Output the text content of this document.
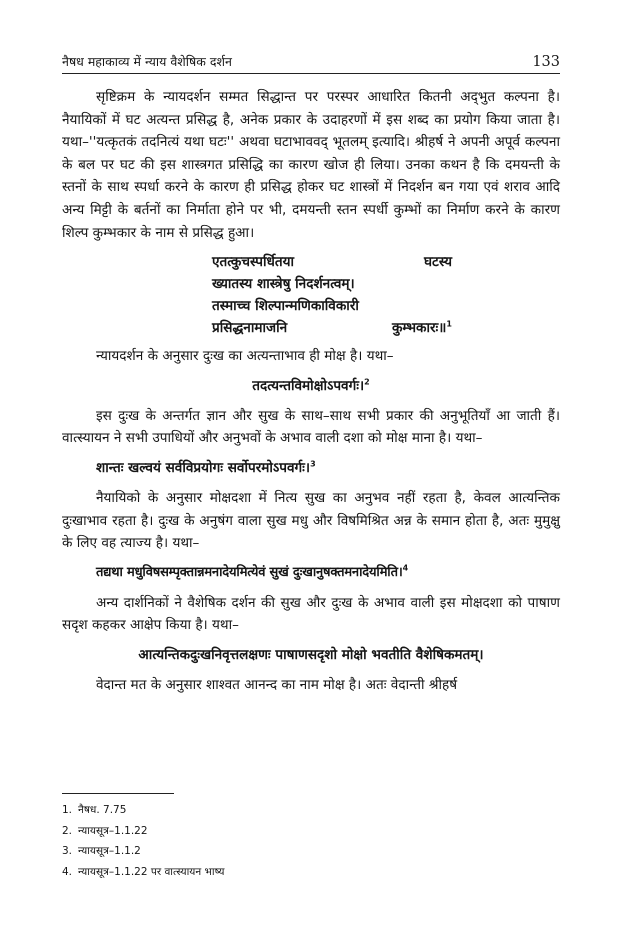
नैषध महाकाव्य में न्याय वैशेषिक दर्शन	133

सृष्टिक्रम के न्यायदर्शन सम्मत सिद्धान्त पर परस्पर आधारित कितनी अद्‌भुत कल्पना है। नैयायिकों में घट अत्यन्त प्रसिद्ध है, अनेक प्रकार के उदाहरणों में इस शब्द का प्रयोग किया जाता है। यथा–''यत्कृतकं तदनित्यं यथा घटः'' अथवा घटाभाववद् भूतलम् इत्यादि। श्रीहर्ष ने अपनी अपूर्व कल्पना के बल पर घट की इस शास्त्रगत प्रसिद्धि का कारण खोज ही लिया। उनका कथन है कि दमयन्ती के स्तनों के साथ स्पर्धा करने के कारण ही प्रसिद्ध होकर घट शास्त्रों में निदर्शन बन गया एवं शराव आदि अन्य मिट्टी के बर्तनों का निर्माता होने पर भी, दमयन्ती स्तन स्पर्धी कुम्भों का निर्माण करने के कारण शिल्प कुम्भकार के नाम से प्रसिद्ध हुआ।

एतत्कुचस्पर्धितया	घटस्य
ख्यातस्य शास्त्रेषु निदर्शनत्वम्।
तस्माच्च शिल्पान्मणिकाविकारी
प्रसिद्धनामाजनि	कुम्भकारः॥$^1$

न्यायदर्शन के अनुसार दुःख का अत्यन्ताभाव ही मोक्ष है। यथा–

तदत्यन्तविमोक्षोऽपवर्गः।$^2$

इस दुःख के अन्तर्गत ज्ञान और सुख के साथ–साथ सभी प्रकार की अनुभूतियाँ आ जाती हैं। वात्स्यायन ने सभी उपाधियों और अनुभवों के अभाव वाली दशा को मोक्ष माना है। यथा–

शान्तः खल्वयं सर्वविप्रयोगः सर्वोपरमोऽपवर्गः।$^3$

नैयायिको के अनुसार मोक्षदशा में नित्य सुख का अनुभव नहीं रहता है, केवल आत्यन्तिक दुःखाभाव रहता है। दुःख के अनुषंग वाला सुख मधु और विषमिश्रित अन्न के समान होता है, अतः मुमुक्षु के लिए वह त्याज्य है। यथा–

तद्यथा मधुविषसम्पृक्तान्नमनादेयमित्येवं सुखं दुःखानुषक्तमनादेयमिति।$^4$

अन्य दार्शनिकों ने वैशेषिक दर्शन की सुख और दुःख के अभाव वाली इस मोक्षदशा को पाषाण सदृश कहकर आक्षेप किया है। यथा–

आत्यन्तिकदुःखनिवृत्तलक्षणः पाषाणसदृशो मोक्षो भवतीति वैशेषिकमतम्।

वेदान्त मत के अनुसार शाश्वत आनन्द का नाम मोक्ष है। अतः वेदान्ती श्रीहर्ष

1. नैषध. 7.75
2. न्यायसूत्र–1.1.22
3. न्यायसूत्र–1.1.2
4. न्यायसूत्र–1.1.22 पर वात्स्यायन भाष्य
